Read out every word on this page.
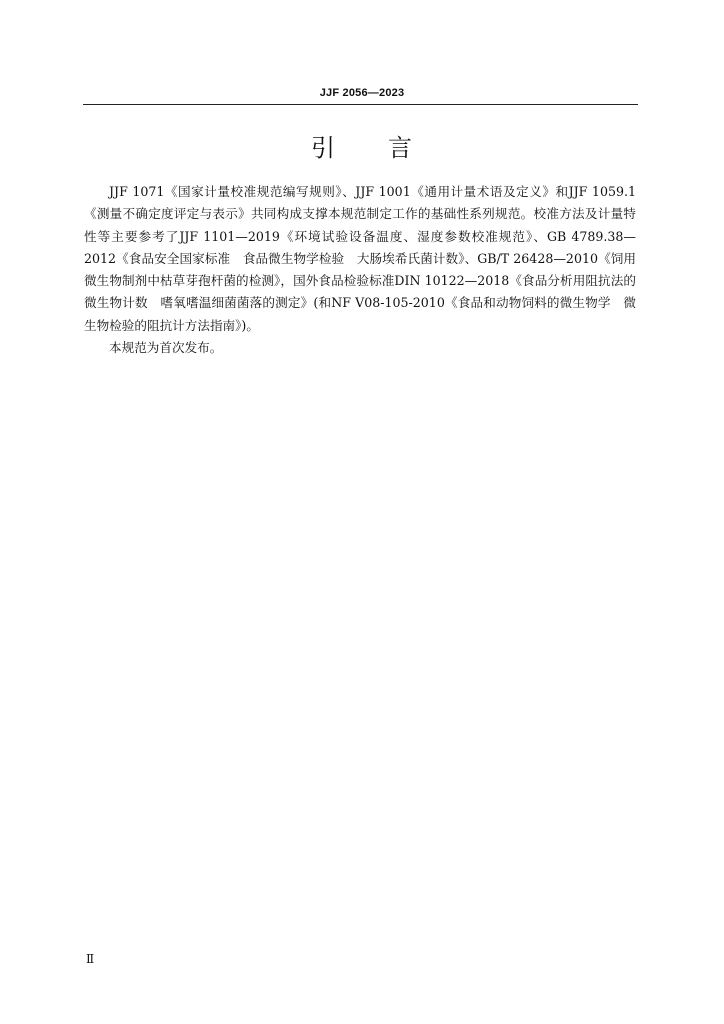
JJF 2056—2023
引 言

JJF 1071《国家计量校准规范编写规则》、JJF 1001《通用计量术语及定义》和JJF 1059.1《测量不确定度评定与表示》共同构成支撑本规范制定工作的基础性系列规范。校准方法及计量特性等主要参考了JJF 1101—2019《环境试验设备温度、湿度参数校准规范》、GB 4789.38—2012《食品安全国家标准　食品微生物学检验　大肠埃希氏菌计数》、GB/T 26428—2010《饲用微生物制剂中枯草芽孢杆菌的检测》，国外食品检验标准DIN 10122—2018《食品分析用阻抗法的微生物计数　嗜氧嗜温细菌菌落的测定》(和NF V08-105-2010《食品和动物饲料的微生物学　微生物检验的阻抗计方法指南》)。

本规范为首次发布。

Ⅱ
